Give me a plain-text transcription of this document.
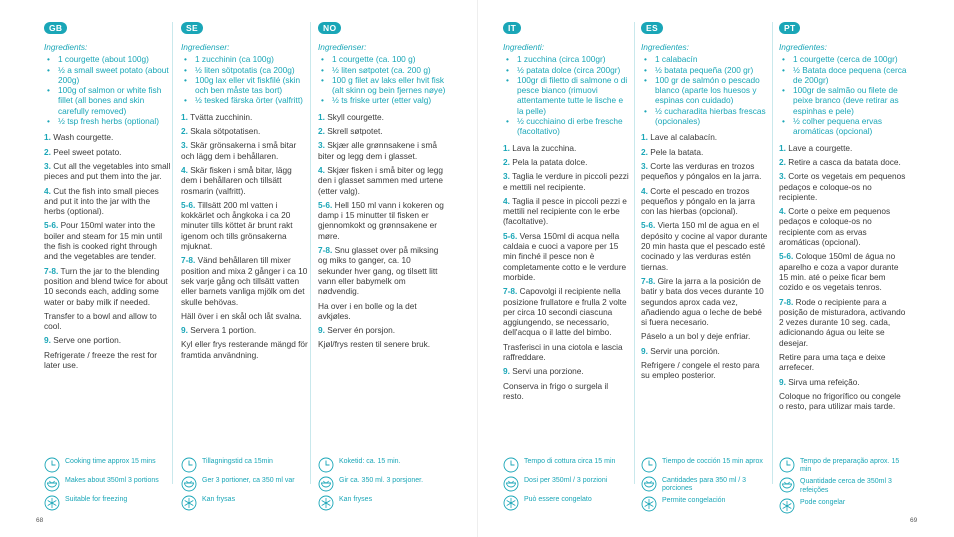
GB
Ingredients:
• 1 courgette (about 100g)
• ½ a small sweet potato (about 200g)
• 100g of salmon or white fish fillet (all bones and skin carefully removed)
• ½ tsp fresh herbs (optional)
1. Wash courgette.
2. Peel sweet potato.
3. Cut all the vegetables into small pieces and put them into the jar.
4. Cut the fish into small pieces and put it into the jar with the herbs (optional).
5-6. Pour 150ml water into the boiler and steam for 15 min until the fish is cooked right through and the vegetables are tender.
7-8. Turn the jar to the blending position and blend twice for about 10 seconds each, adding some water or baby milk if needed.
Transfer to a bowl and allow to cool.
9. Serve one portion.
Refrigerate / freeze the rest for later use.
SE
Ingredienser:
• 1 zucchinin (ca 100g)
• ½ liten sötpotatis (ca 200g)
• 100g lax eller vit fiskfilé (skin och ben måste tas bort)
• ½ tesked färska örter (valfritt)
1. Tvätta zucchinin.
2. Skala sötpotatisen.
3. Skär grönsakerna i små bitar och lägg dem i behållaren.
4. Skär fisken i små bitar, lägg dem i behållaren och tillsätt rosmarin (valfritt).
5-6. Tillsätt 200 ml vatten i kokkärlet och ångkoka i ca 20 minuter tills köttet är brunt rakt igenom och tills grönsakerna mjuknat.
7-8. Vänd behållaren till mixer position and mixa 2 gånger i ca 10 sek varje gång och tillsätt vatten eller barnets vanliga mjölk om det skulle behövas.
Häll över i en skål och låt svalna.
9. Servera 1 portion.
Kyl eller frys resterande mängd för framtida användning.
NO
Ingredienser:
• 1 courgette (ca. 100 g)
• ½ liten søtpotet (ca. 200 g)
• 100 g filet av laks eller hvit fisk (alt skinn og bein fjernes nøye)
• ½ ts friske urter (etter valg)
1. Skyll courgette.
2. Skrell søtpotet.
3. Skjær alle grønnsakene i små biter og legg dem i glasset.
4. Skjær fisken i små biter og legg den i glasset sammen med urtene (etter valg).
5-6. Hell 150 ml vann i kokeren og damp i 15 minutter til fisken er gjennomkokt og grønnsakene er møre.
7-8. Snu glasset over på miksing og miks to ganger, ca. 10 sekunder hver gang, og tilsett litt vann eller babymelk om nødvendig.
Ha over i en bolle og la det avkjøles.
9. Server én porsjon.
Kjøl/frys resten til senere bruk.
IT
Ingredienti:
• 1 zucchina (circa 100gr)
• ½ patata dolce (circa 200gr)
• 100gr di filetto di salmone o di pesce bianco (rimuovi attentamente tutte le lische e la pelle)
• ½ cucchiaino di erbe fresche (facoltativo)
1. Lava la zucchina.
2. Pela la patata dolce.
3. Taglia le verdure in piccoli pezzi e mettili nel recipiente.
4. Taglia il pesce in piccoli pezzi e mettili nel recipiente con le erbe (facoltative).
5-6. Versa 150ml di acqua nella caldaia e cuoci a vapore per 15 min finché il pesce non è completamente cotto e le verdure morbide.
7-8. Capovolgi il recipiente nella posizione frullatore e frulla 2 volte per circa 10 secondi ciascuna aggiungendo, se necessario, dell'acqua o il latte del bimbo.
Trasferisci in una ciotola e lascia raffreddare.
9. Servi una porzione.
Conserva in frigo o surgela il resto.
ES
Ingredientes:
• 1 calabacín
• ½ batata pequeña (200 gr)
• 100 gr de salmón o pescado blanco (aparte los huesos y espinas con cuidado)
• ½ cucharadita hierbas frescas (opcionales)
1. Lave al calabacín.
2. Pele la batata.
3. Corte las verduras en trozos pequeños y póngalos en la jarra.
4. Corte el pescado en trozos pequeños y póngalo en la jarra con las hierbas (opcional).
5-6. Vierta 150 ml de agua en el depósito y cocine al vapor durante 20 min hasta que el pescado esté cocinado y las verduras estén tiernas.
7-8. Gire la jarra a la posición de batir y bata dos veces durante 10 segundos aprox cada vez, añadiendo agua o leche de bebé si fuera necesario.
Páselo a un bol y deje enfriar.
9. Servir una porción.
Refrigere / congele el resto para su empleo posterior.
PT
Ingredientes:
• 1 courgette (cerca de 100gr)
• ½ Batata doce pequena (cerca de 200gr)
• 100gr de salmão ou filete de peixe branco (deve retirar as espinhas e pele)
• ½ colher pequena ervas aromáticas (opcional)
1. Lave a courgette.
2. Retire a casca da batata doce.
3. Corte os vegetais em pequenos pedaços e coloque-os no recipiente.
4. Corte o peixe em pequenos pedaços e coloque-os no recipiente com as ervas aromáticas (opcional).
5-6. Coloque 150ml de água no aparelho e coza a vapor durante 15 min. até o peixe ficar bem cozido e os vegetais tenros.
7-8. Rode o recipiente para a posição de misturadora, activando 2 vezes durante 10 seg. cada, adicionando água ou leite se desejar.
Retire para uma taça e deixe arrefecer.
9. Sirva uma refeição.
Coloque no frigorífico ou congele o resto, para utilizar mais tarde.
68	69
Cooking time approx 15 mins
Makes about 350ml 3 portions
Suitable for freezing
Tillagningstid ca 15min
Ger 3 portioner, ca 350 ml var
Kan frysas
Koketid: ca. 15 min.
Gir ca. 350 ml. 3 porsjoner.
Kan fryses
Tempo di cottura circa 15 min
Dosi per 350ml / 3 porzioni
Può essere congelato
Tiempo de cocción 15 min aprox
Cantidades para 350 ml / 3 porciones
Permite congelación
Tempo de preparação aprox. 15 min
Quantidade cerca de 350ml 3 refeições
Pode congelar
